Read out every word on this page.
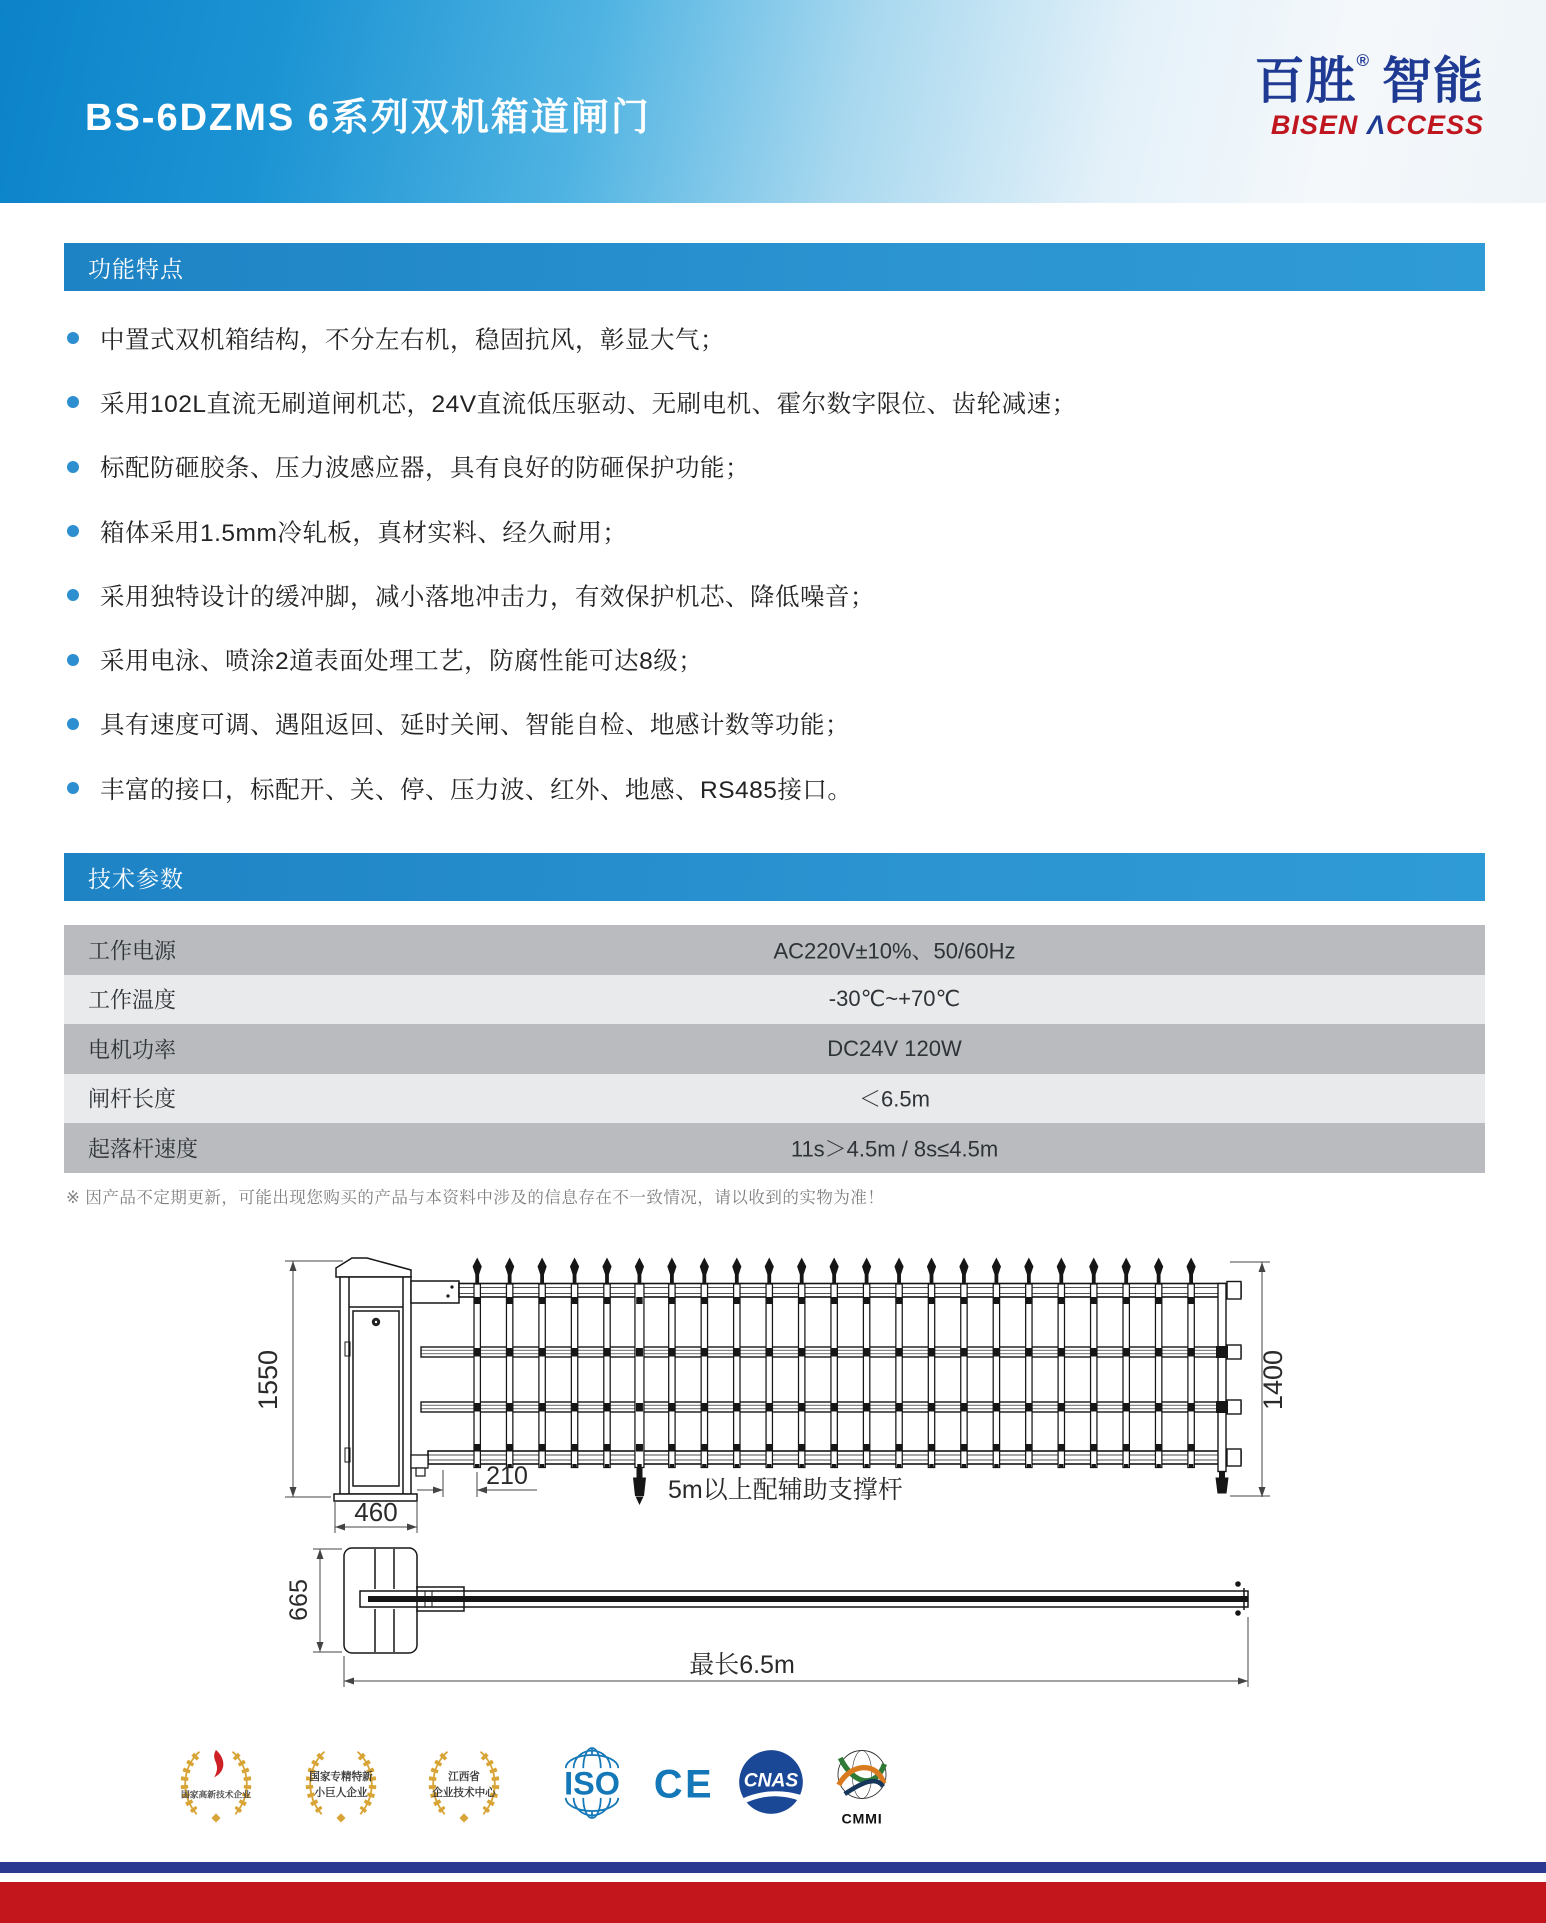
BS-6DZMS 6系列双机箱道闸门
百胜® 智能
BISEN ΛCCESS
功能特点
中置式双机箱结构，不分左右机，稳固抗风，彰显大气；
采用102L直流无刷道闸机芯，24V直流低压驱动、无刷电机、霍尔数字限位、齿轮减速；
标配防砸胶条、压力波感应器，具有良好的防砸保护功能；
箱体采用1.5mm冷轧板，真材实料、经久耐用；
采用独特设计的缓冲脚，减小落地冲击力，有效保护机芯、降低噪音；
采用电泳、喷涂2道表面处理工艺，防腐性能可达8级；
具有速度可调、遇阻返回、延时关闸、智能自检、地感计数等功能；
丰富的接口，标配开、关、停、压力波、红外、地感、RS485接口。
技术参数
工作电源	AC220V±10%、50/60Hz
工作温度	-30℃~+70℃
电机功率	DC24V 120W
闸杆长度	＜6.5m
起落杆速度	11s＞4.5m / 8s≤4.5m
※ 因产品不定期更新，可能出现您购买的产品与本资料中涉及的信息存在不一致情况，请以收到的实物为准！
1550
460
210
1400
5m以上配辅助支撑杆
665
最长6.5m
国家高新技术企业
国家专精特新
小巨人企业
江西省
企业技术中心 ISO CE CNAS
CMMI
